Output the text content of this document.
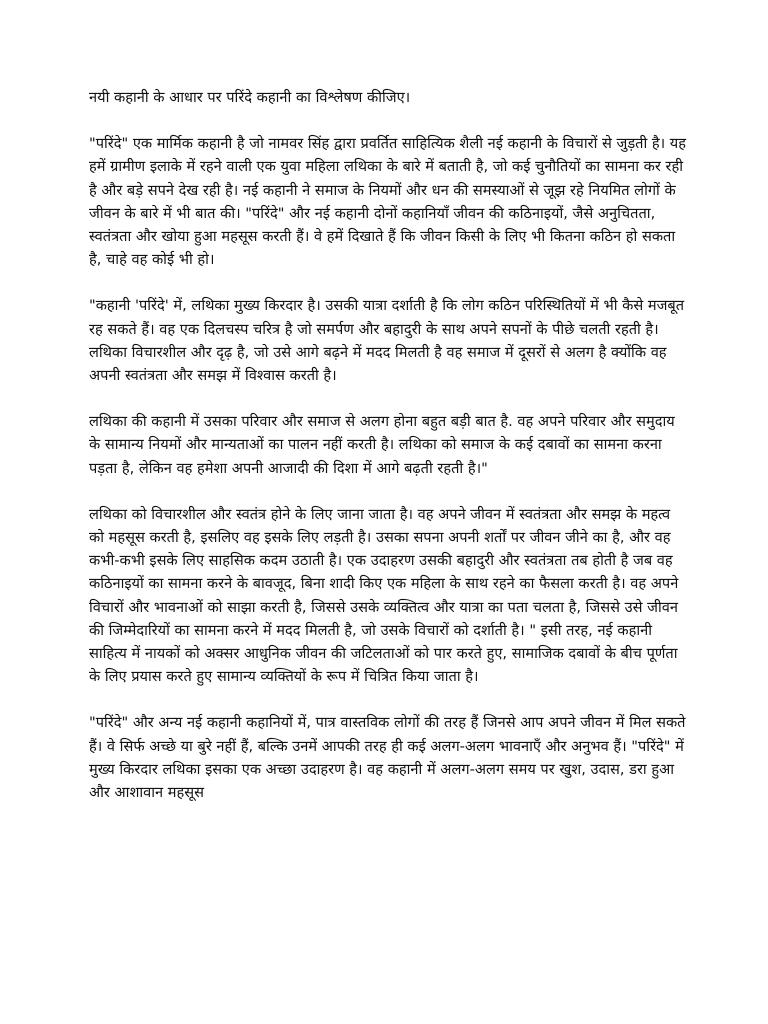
नयी कहानी के आधार पर परिंदे कहानी का विश्लेषण कीजिए।

"परिंदे" एक मार्मिक कहानी है जो नामवर सिंह द्वारा प्रवर्तित साहित्यिक शैली नई कहानी के विचारों से जुड़ती है। यह हमें ग्रामीण इलाके में रहने वाली एक युवा महिला लथिका के बारे में बताती है, जो कई चुनौतियों का सामना कर रही है और बड़े सपने देख रही है। नई कहानी ने समाज के नियमों और धन की समस्याओं से जूझ रहे नियमित लोगों के जीवन के बारे में भी बात की। "परिंदे" और नई कहानी दोनों कहानियाँ जीवन की कठिनाइयों, जैसे अनुचितता, स्वतंत्रता और खोया हुआ महसूस करती हैं। वे हमें दिखाते हैं कि जीवन किसी के लिए भी कितना कठिन हो सकता है, चाहे वह कोई भी हो।

"कहानी 'परिंदे' में, लथिका मुख्य किरदार है। उसकी यात्रा दर्शाती है कि लोग कठिन परिस्थितियों में भी कैसे मजबूत रह सकते हैं। वह एक दिलचस्प चरित्र है जो समर्पण और बहादुरी के साथ अपने सपनों के पीछे चलती रहती है। लथिका विचारशील और दृढ़ है, जो उसे आगे बढ़ने में मदद मिलती है वह समाज में दूसरों से अलग है क्योंकि वह अपनी स्वतंत्रता और समझ में विश्वास करती है।

लथिका की कहानी में उसका परिवार और समाज से अलग होना बहुत बड़ी बात है. वह अपने परिवार और समुदाय के सामान्य नियमों और मान्यताओं का पालन नहीं करती है। लथिका को समाज के कई दबावों का सामना करना पड़ता है, लेकिन वह हमेशा अपनी आजादी की दिशा में आगे बढ़ती रहती है।"

लथिका को विचारशील और स्वतंत्र होने के लिए जाना जाता है। वह अपने जीवन में स्वतंत्रता और समझ के महत्व को महसूस करती है, इसलिए वह इसके लिए लड़ती है। उसका सपना अपनी शर्तों पर जीवन जीने का है, और वह कभी-कभी इसके लिए साहसिक कदम उठाती है। एक उदाहरण उसकी बहादुरी और स्वतंत्रता तब होती है जब वह कठिनाइयों का सामना करने के बावजूद, बिना शादी किए एक महिला के साथ रहने का फैसला करती है। वह अपने विचारों और भावनाओं को साझा करती है, जिससे उसके व्यक्तित्व और यात्रा का पता चलता है, जिससे उसे जीवन की जिम्मेदारियों का सामना करने में मदद मिलती है, जो उसके विचारों को दर्शाती है। " इसी तरह, नई कहानी साहित्य में नायकों को अक्सर आधुनिक जीवन की जटिलताओं को पार करते हुए, सामाजिक दबावों के बीच पूर्णता के लिए प्रयास करते हुए सामान्य व्यक्तियों के रूप में चित्रित किया जाता है।

"परिंदे" और अन्य नई कहानी कहानियों में, पात्र वास्तविक लोगों की तरह हैं जिनसे आप अपने जीवन में मिल सकते हैं। वे सिर्फ अच्छे या बुरे नहीं हैं, बल्कि उनमें आपकी तरह ही कई अलग-अलग भावनाएँ और अनुभव हैं। "परिंदे" में मुख्य किरदार लथिका इसका एक अच्छा उदाहरण है। वह कहानी में अलग-अलग समय पर खुश, उदास, डरा हुआ और आशावान महसूस
